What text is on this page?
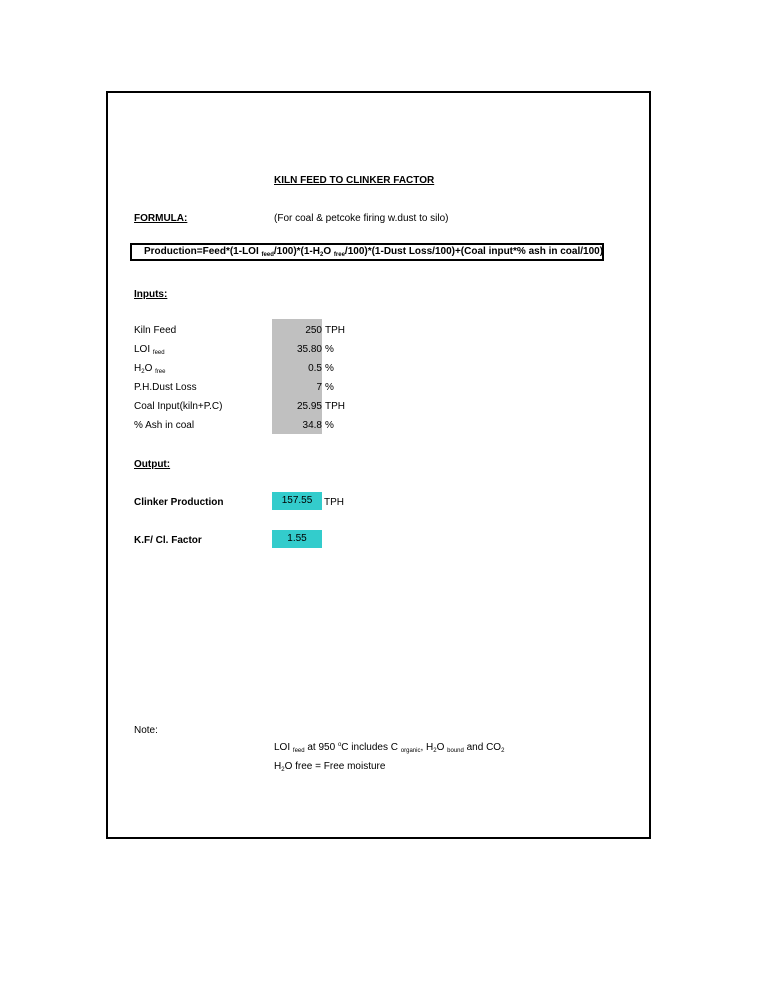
KILN FEED TO CLINKER FACTOR
FORMULA:	(For coal & petcoke firing w.dust to silo)
Production=Feed*(1-LOI $_{feed}/100)*(1-H_2O$ $_{free}$/100)*(1-Dust Loss/100)+(Coal input*% ash in coal/100)
Inputs:
Kiln Feed	250 TPH
LOI $_{feed}$	35.80 %
$H_2O$ $_{free}$	0.5 %
P.H.Dust Loss	7 %
Coal Input(kiln+P.C)	25.95 TPH
% Ash in coal	34.8 %
Output:
Clinker Production	157.55	TPH
K.F/ Cl. Factor	1.55
Note:
LOI $_{feed}$ at 950 $^o$C includes C $_{organic}$, $H_2O$ $_{bound}$ and $CO_2$
$H_2O$ free = Free moisture
